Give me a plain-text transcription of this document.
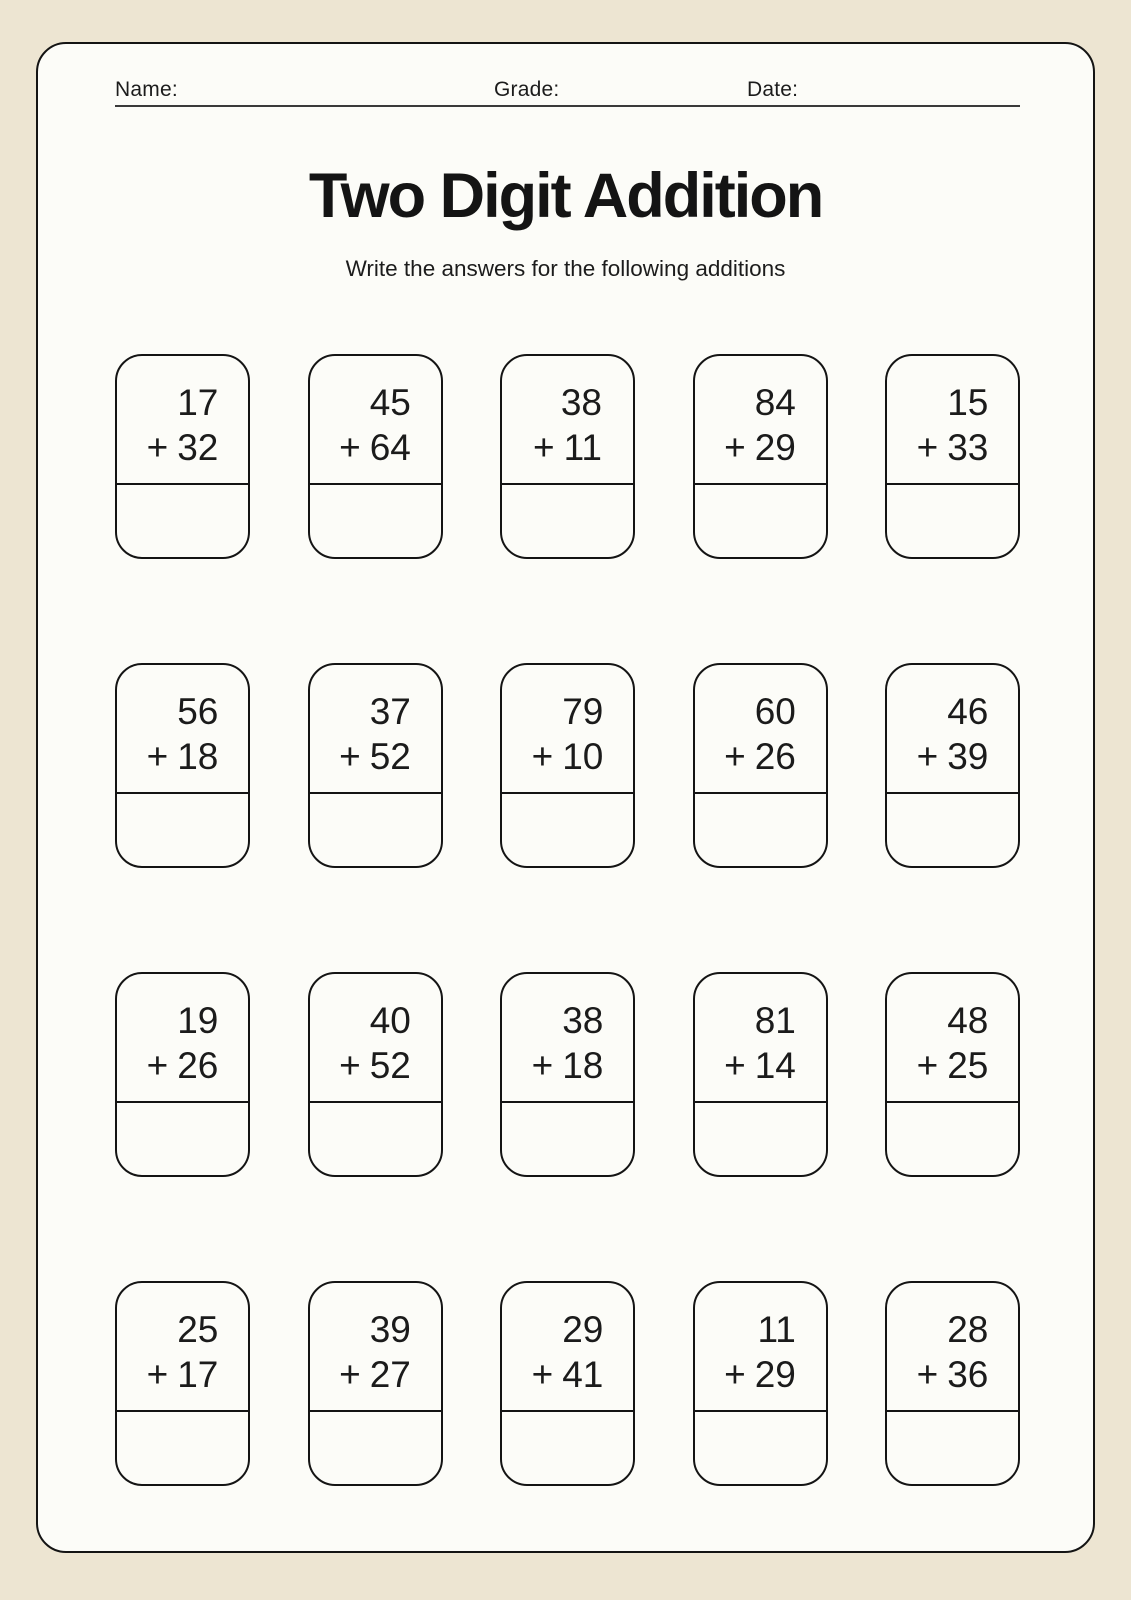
Name:	Grade:	Date:
Two Digit Addition

Write the answers for the following additions

17
+ 32
45
+ 64
38
+ 11
84
+ 29
15
+ 33
56
+ 18
37
+ 52
79
+ 10
60
+ 26
46
+ 39
19
+ 26
40
+ 52
38
+ 18
81
+ 14
48
+ 25
25
+ 17
39
+ 27
29
+ 41
11
+ 29
28
+ 36
